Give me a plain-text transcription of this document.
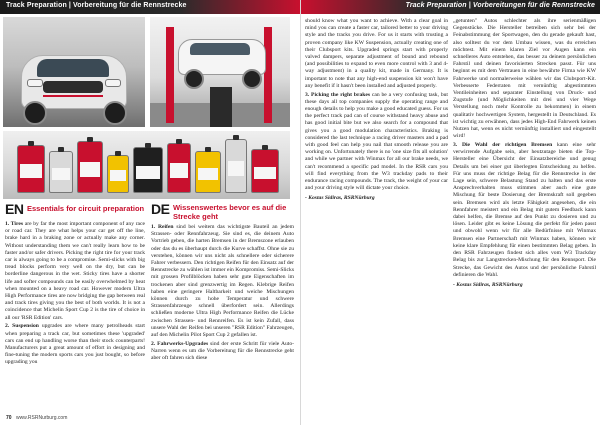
Track Preparation | Vorbereitung für die Rennstrecke
EN Essentials for circuit preparation DE Wissenswertes bevor es auf die Strecke geht

1. Tires are by far the most important component of any race or road car. They are what helps your car get off the line, brake hard in a braking zone or actually make any corner. Without understanding them we can't really learn how to be faster and/or safer drivers. Picking the right tire for your track car is always going to be a compromise. Semi-slicks with big tread blocks perform very well on the dry, but can be borderline dangerous in the wet. Sticky tires have a shorter life and softer compounds can be easily overwhelmed by heat when mounted on a heavy road car. However modern Ultra High Performance tires are now bridging the gap between real and track tires giving you the best of both worlds. It is not a coincidence that Michelin Sport Cup 2 is the tire of choice in all our 'RSR Edition' cars.

2. Suspension upgrades are where many petrolheads start when preparing a track car, but sometimes these 'upgraded' cars can end up handling worse than their stock counterparts! Manufacturers put a great amount of effort in designing and fine-tuning the modern sports cars you just bought, so before upgrading you

1. Reifen sind bei weitem das wichtigste Bauteil an jedem Strassen- oder Rennfahrzeug. Sie sind es, die deinem Auto Vortrieb geben, die harten Bremsen in der Bremszone erlauben oder das du es überhaupt durch die Kurve schaffst. Ohne sie zu verstehen, können wir uns nicht als schnellere oder sicherere Fahrer verbessern. Den richtigen Reifen für den Einsatz auf der Rennstrecke zu wählen ist immer ein Kompromiss. Semi-Slicks mit grossen Profilblöcken haben sehr gute Eigenschaften im trockenen aber sind grenzwertig im Regen. Klebrige Reifen haben eine geringere Haltbarkeit und weiche Mischungen können durch zu hohe Temperatur und schwere Strassenfahrzeuge schnell überfordert sein. Allerdings schließen moderne Ultra High Performance Reifen die Lücke zwischen Strassen- und Rennreifen. Es ist kein Zufall, dass unsere Wahl der Reifen bei unseren "RSR Edition" Fahrzeugen, auf den Michelin Pilot Sport Cup 2 gefallen ist.

2. Fahrwerks-Upgrades sind der erste Schritt für viele Auto-Narren wenn es um die Vorbereitung für die Rennstrecke geht aber oft fahren sich diese

70 www.RSRNurburg.com
Track Preparation | Vorbereitungen für die Rennstrecke

should know what you want to achieve. With a clear goal in mind you can create a faster car, tailored better to your driving style and the tracks you drive. For us it starts with trusting a proven company like KW Suspension, actually creating one of their Clubsport kits. Upgraded springs start with properly valved dampers, separate adjustment of bound and rebound (and possibilities to expand to even more control with 3 and 4-way adjustment) in a quality kit, made in Germany. It is important to note that any high-end suspension kit won't have any benefit if it hasn't been installed and adjusted properly.

3. Picking the right brakes can be a very confusing task, but these days all top companies supply the operating range and enough details to help you make a good educated guess. For us the perfect track pad can of course withstand heavy abuse and has good initial bite but we also search for a compound that gives you a good modulation characteristics. Braking is considered the last technique a racing driver masters and a pad with good feel can help you nail that smooth release you are working on. Unfortunately there is no 'one size fits all solution' and while we partner with Winmax for all our brake needs, we can't recommend a specific pad model. In the RSR cars you will find everything from the W3 trackday pads to their endurance racing compounds. The track, the weight of your car and your driving style will dictate your choice.

- Kostas Sidiras, RSRNürburg

„getunten" Autos schlechter als ihre serienmäßigen Gegenstücke. Die Hersteller betreiben sich sehr bei der Feinabstimmung der Sportwagen, den du gerade gekauft hast, also solltest du vor dem Umbau wissen, was du erreichen möchtest. Mit einem klaren Ziel vor Augen kann ein schnelleres Auto entstehen, das besser zu deinem persönlichen Fahrstil und deinen favorisierten Strecken passt. Für uns beginnt es mit dem Vertrauen in eine bewährte Firma wie KW Fahrwerke und normalerweise wählen wir das Clubsport-Kit. Verbesserte Federraten mit vernünftig abgestimmten Ventileinheiten und separater Einstellung von Druck- und Zugstufe (und Möglichkeiten mit drei und vier Wege Verstellung noch mehr Kontrolle zu bekommen) in einem qualitativ hochwertigen System, hergestellt in Deutschland. Es ist wichtig zu erwähnen, dass jedes High-End Fahrwerk keinen Nutzen hat, wenn es nicht vernünftig installiert und eingestellt wird!

3. Die Wahl der richtigen Bremsen kann eine sehr verwirrende Aufgabe sein, aber heutzutage bieten die Top-Hersteller eine Übersicht der Einsatzbereiche und genug Details um bei einer gut überlegten Entscheidung zu helfen. Für uns muss der richtige Belag für die Rennstrecke in der Lage sein, schwere Belastung Stand zu halten und das erste Ansprechverhalten muss stimmen aber auch eine gute Mischung für beste Dosierung der Bremskraft soll gegeben sein. Bremsen wird als letzte Fähigkeit angesehen, die ein Rennfahrer meistert und ein Belag mit gutem Feedback kann dabei helfen, die Bremse auf den Punkt zu dosieren und zu lösen. Leider gibt es keine Lösung die perfekt für jeden passt und obwohl wenn wir für alle Bedürfnisse mit Winmax Bremsen eine Partnerschaft mit Winmax haben, können wir keine klare Empfehlung für einen bestimmten Belag geben. In den RSR Fahrzeugen findest sich alles vom W3 Trackday Belag bis zur Langstrecken-Mischung für den Rennsport. Die Strecke, das Gewicht des Autos und der persönliche Fahrstil definieren die Wahl.

- Kostas Sidiras, RSRNürburg
